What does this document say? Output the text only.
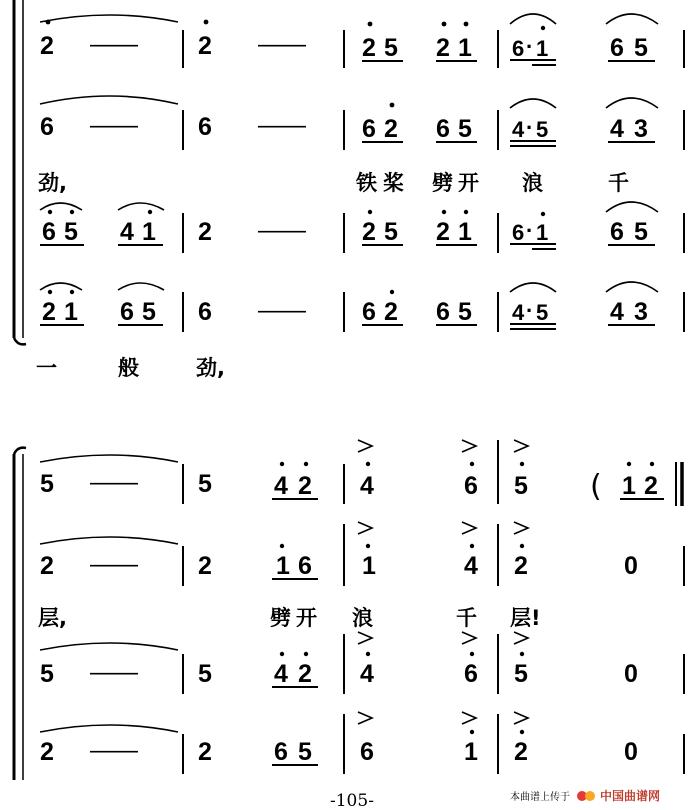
2 —— 2 —— 2 5 2 1 6 · 1 6 5
6 —— 6 —— 6 2 6 5 4 · 5 4 3
劲,	铁 桨 劈 开 浪	千
6 5 4 1 2 —— 2 5 2 1 6 · 1 6 5
2 1 6 5 6 —— 6 2 6 5 4 · 5 4 3
一	般	劲,
5 —— 5 4 2 4	6 5 ( 1 2
2 —— 2	1 6 1	4 2	0
层,	劈 开 浪	千 层!
5 —— 5 4 2 4	6 5	0
2 —— 2 6 5 6	1 2	0
-105-	本曲谱上传于	中国曲谱网
